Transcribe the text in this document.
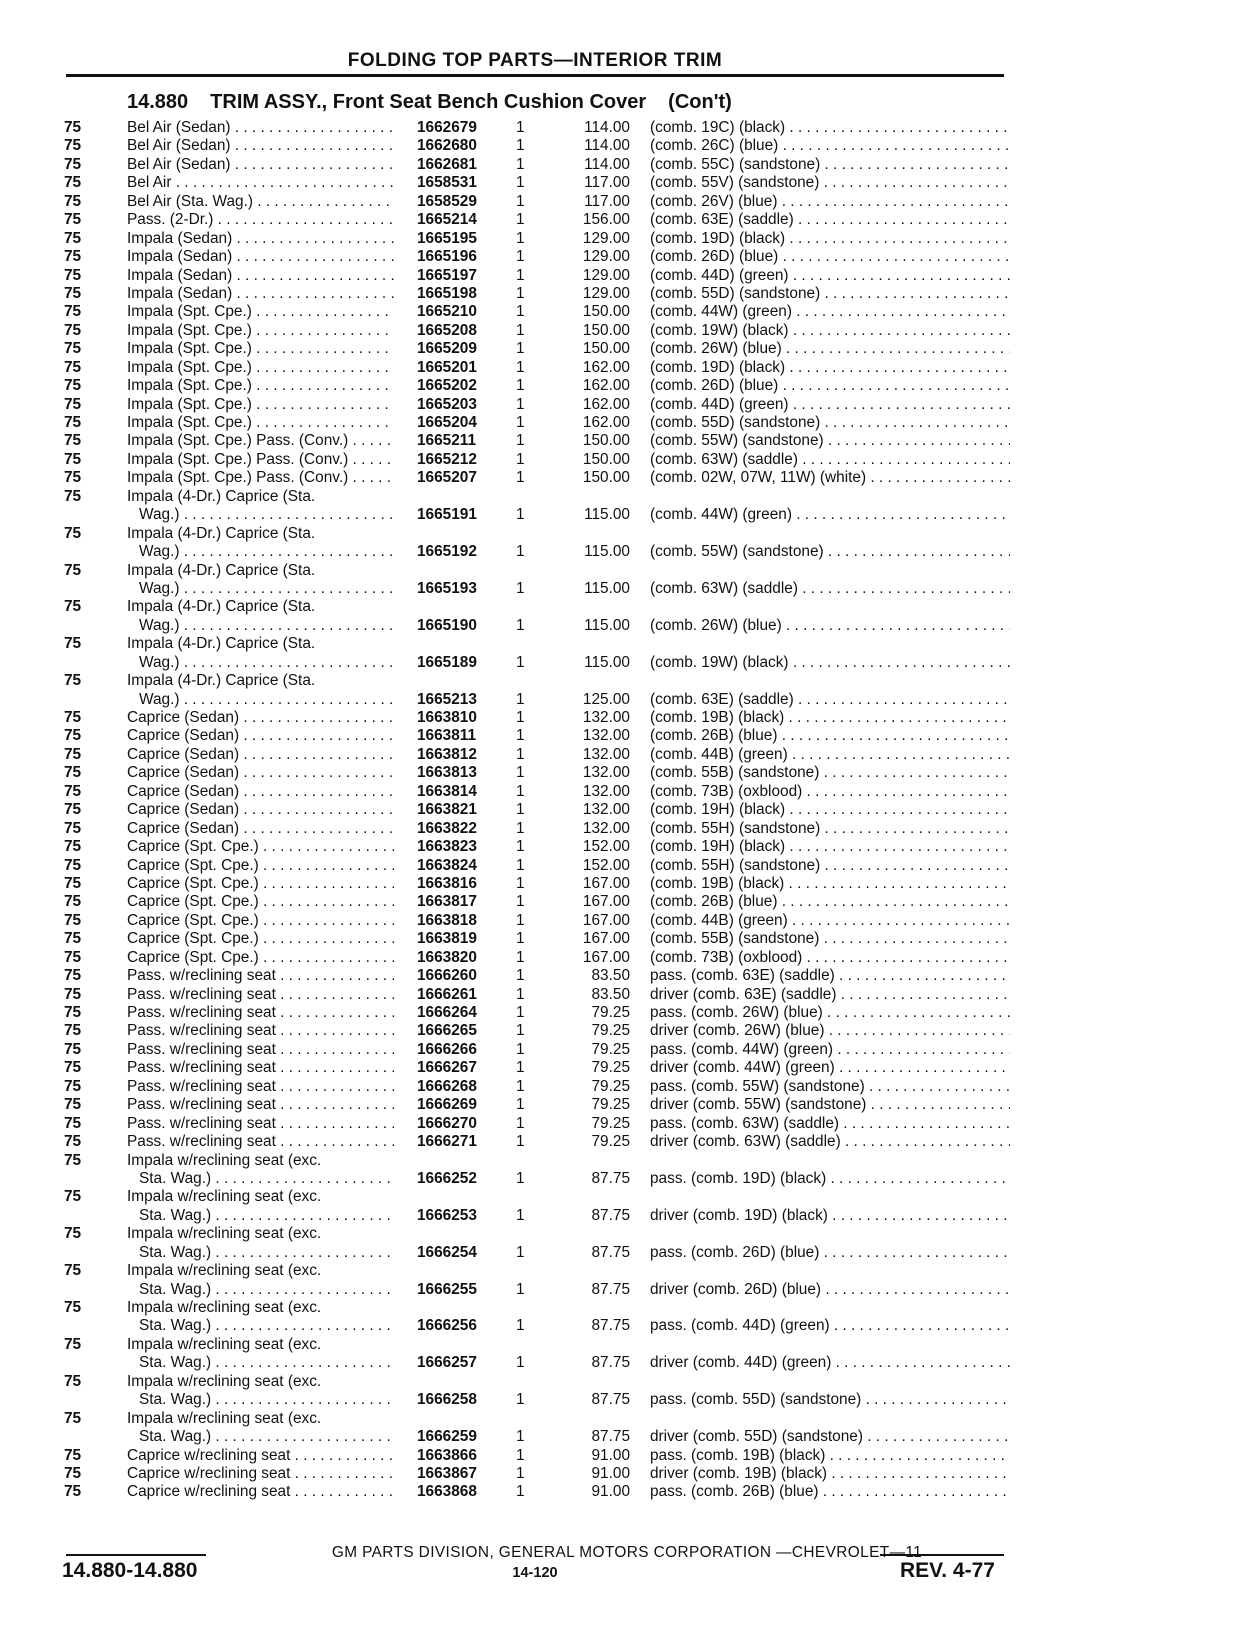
FOLDING TOP PARTS—INTERIOR TRIM
14.880 TRIM ASSY., Front Seat Bench Cushion Cover (Con't)
75	Bel Air (Sedan) . . .	1662679	1	114.00 (comb. 19C) (black) . . .
75	Bel Air (Sedan) . . .	1662680	1	114.00 (comb. 26C) (blue) . . .
75	Bel Air (Sedan) . . .	1662681	1	114.00 (comb. 55C) (sandstone) . . .
75	Bel Air . . .	1658531	1	117.00 (comb. 55V) (sandstone) . . .
75	Bel Air (Sta. Wag.) . . .	1658529	1	117.00 (comb. 26V) (blue) . . .
75	Pass. (2-Dr.) . . .	1665214	1	156.00 (comb. 63E) (saddle) . . .
75	Impala (Sedan) . . .	1665195	1	129.00 (comb. 19D) (black) . . .
75	Impala (Sedan) . . .	1665196	1	129.00 (comb. 26D) (blue) . . .
75	Impala (Sedan) . . .	1665197	1	129.00 (comb. 44D) (green) . . .
75	Impala (Sedan) . . .	1665198	1	129.00 (comb. 55D) (sandstone) . . .
75	Impala (Spt. Cpe.) . . .	1665210	1	150.00 (comb. 44W) (green) . . .
75	Impala (Spt. Cpe.) . . .	1665208	1	150.00 (comb. 19W) (black) . . .
75	Impala (Spt. Cpe.) . . .	1665209	1	150.00 (comb. 26W) (blue) . . .
75	Impala (Spt. Cpe.) . . .	1665201	1	162.00 (comb. 19D) (black) . . .
75	Impala (Spt. Cpe.) . . .	1665202	1	162.00 (comb. 26D) (blue) . . .
75	Impala (Spt. Cpe.) . . .	1665203	1	162.00 (comb. 44D) (green) . . .
75	Impala (Spt. Cpe.) . . .	1665204	1	162.00 (comb. 55D) (sandstone) . . .
75	Impala (Spt. Cpe.) Pass. (Conv.) . . .	1665211	1	150.00 (comb. 55W) (sandstone) . . .
75	Impala (Spt. Cpe.) Pass. (Conv.) . . .	1665212	1	150.00 (comb. 63W) (saddle) . . .
75	Impala (Spt. Cpe.) Pass. (Conv.) . . .	1665207	1	150.00 (comb. 02W, 07W, 11W) (white) . . .
75	Impala (4-Dr.) Caprice (Sta.
Wag.) . . .	1665191	1	115.00 (comb. 44W) (green) . . .
75	Impala (4-Dr.) Caprice (Sta.
Wag.) . . .	1665192	1	115.00 (comb. 55W) (sandstone) . . .
75	Impala (4-Dr.) Caprice (Sta.
Wag.) . . .	1665193	1	115.00 (comb. 63W) (saddle) . . .
75	Impala (4-Dr.) Caprice (Sta.
Wag.) . . .	1665190	1	115.00 (comb. 26W) (blue) . . .
75	Impala (4-Dr.) Caprice (Sta.
Wag.) . . .	1665189	1	115.00 (comb. 19W) (black) . . .
75	Impala (4-Dr.) Caprice (Sta.
Wag.) . . .	1665213	1	125.00 (comb. 63E) (saddle) . . .
75	Caprice (Sedan) . . .	1663810	1	132.00 (comb. 19B) (black) . . .
75	Caprice (Sedan) . . .	1663811	1	132.00 (comb. 26B) (blue) . . .
75	Caprice (Sedan) . . .	1663812	1	132.00 (comb. 44B) (green) . . .
75	Caprice (Sedan) . . .	1663813	1	132.00 (comb. 55B) (sandstone) . . .
75	Caprice (Sedan) . . .	1663814	1	132.00 (comb. 73B) (oxblood) . . .
75	Caprice (Sedan) . . .	1663821	1	132.00 (comb. 19H) (black) . . .
75	Caprice (Sedan) . . .	1663822	1	132.00 (comb. 55H) (sandstone) . . .
75	Caprice (Spt. Cpe.) . . .	1663823	1	152.00 (comb. 19H) (black) . . .
75	Caprice (Spt. Cpe.) . . .	1663824	1	152.00 (comb. 55H) (sandstone) . . .
75	Caprice (Spt. Cpe.) . . .	1663816	1	167.00 (comb. 19B) (black) . . .
75	Caprice (Spt. Cpe.) . . .	1663817	1	167.00 (comb. 26B) (blue) . . .
75	Caprice (Spt. Cpe.) . . .	1663818	1	167.00 (comb. 44B) (green) . . .
75	Caprice (Spt. Cpe.) . . .	1663819	1	167.00 (comb. 55B) (sandstone) . . .
75	Caprice (Spt. Cpe.) . . .	1663820	1	167.00 (comb. 73B) (oxblood) . . .
75	Pass. w/reclining seat . . .	1666260	1	83.50 pass. (comb. 63E) (saddle) . . .
75	Pass. w/reclining seat . . .	1666261	1	83.50 driver (comb. 63E) (saddle) . . .
75	Pass. w/reclining seat . . .	1666264	1	79.25 pass. (comb. 26W) (blue) . . .
75	Pass. w/reclining seat . . .	1666265	1	79.25 driver (comb. 26W) (blue) . . .
75	Pass. w/reclining seat . . .	1666266	1	79.25 pass. (comb. 44W) (green) . . .
75	Pass. w/reclining seat . . .	1666267	1	79.25 driver (comb. 44W) (green) . . .
75	Pass. w/reclining seat . . .	1666268	1	79.25 pass. (comb. 55W) (sandstone) . . .
75	Pass. w/reclining seat . . .	1666269	1	79.25 driver (comb. 55W) (sandstone) . . .
75	Pass. w/reclining seat . . .	1666270	1	79.25 pass. (comb. 63W) (saddle) . . .
75	Pass. w/reclining seat . . .	1666271	1	79.25 driver (comb. 63W) (saddle) . . .
75	Impala w/reclining seat (exc.
Sta. Wag.) . . .	1666252	1	87.75 pass. (comb. 19D) (black) . . .
75	Impala w/reclining seat (exc.
Sta. Wag.) . . .	1666253	1	87.75 driver (comb. 19D) (black) . . .
75	Impala w/reclining seat (exc.
Sta. Wag.) . . .	1666254	1	87.75 pass. (comb. 26D) (blue) . . .
75	Impala w/reclining seat (exc.
Sta. Wag.) . . .	1666255	1	87.75 driver (comb. 26D) (blue) . . .
75	Impala w/reclining seat (exc.
Sta. Wag.) . . .	1666256	1	87.75 pass. (comb. 44D) (green) . . .
75	Impala w/reclining seat (exc.
Sta. Wag.) . . .	1666257	1	87.75 driver (comb. 44D) (green) . . .
75	Impala w/reclining seat (exc.
Sta. Wag.) . . .	1666258	1	87.75 pass. (comb. 55D) (sandstone) . . .
75	Impala w/reclining seat (exc.
Sta. Wag.) . . .	1666259	1	87.75 driver (comb. 55D) (sandstone) . . .
75	Caprice w/reclining seat . . .	1663866	1	91.00 pass. (comb. 19B) (black) . . .
75	Caprice w/reclining seat . . .	1663867	1	91.00 driver (comb. 19B) (black) . . .
75	Caprice w/reclining seat . . .	1663868	1	91.00 pass. (comb. 26B) (blue) . . .
GM PARTS DIVISION, GENERAL MOTORS CORPORATION —CHEVROLET—11
14.880-14.880	14-120	REV. 4-77
